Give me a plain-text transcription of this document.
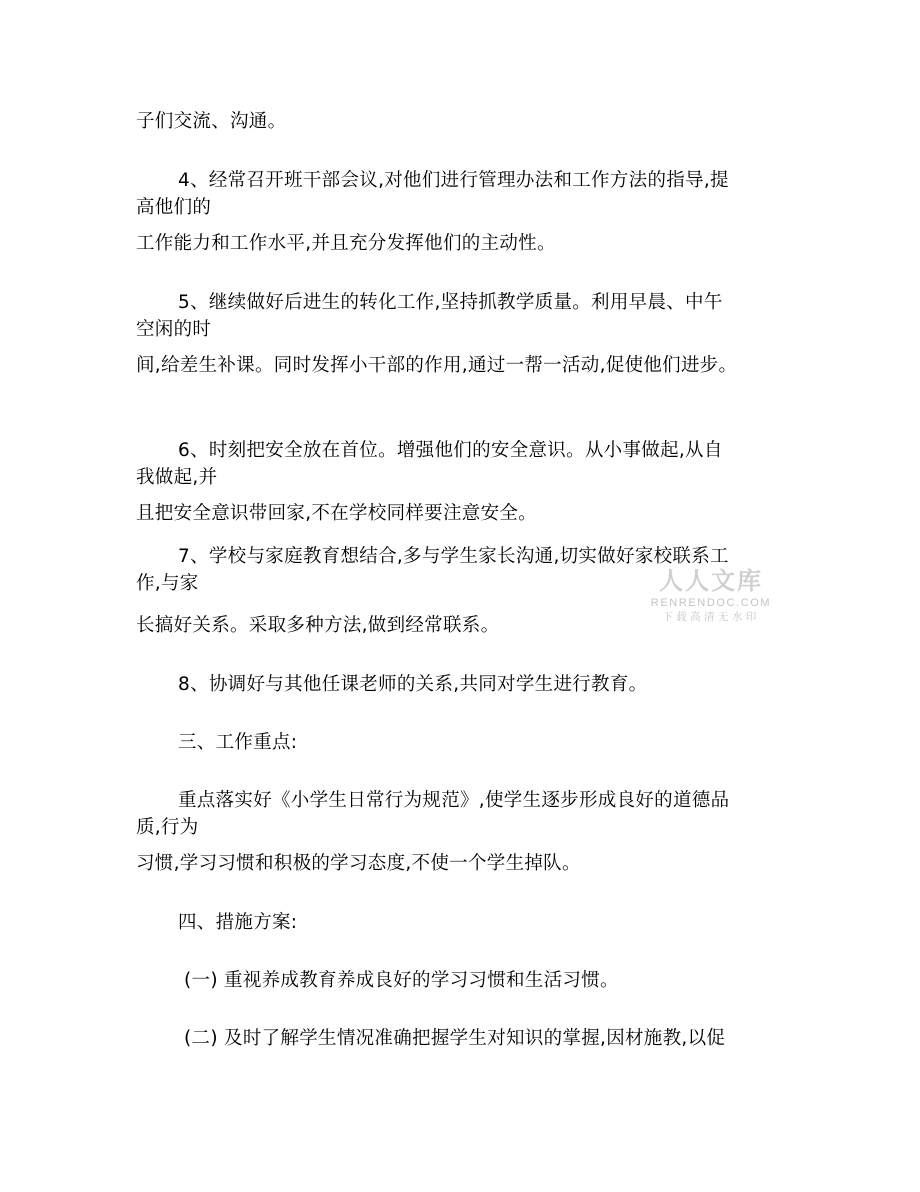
子们交流、沟通。
4、经常召开班干部会议,对他们进行管理办法和工作方法的指导,提
高他们的
工作能力和工作水平,并且充分发挥他们的主动性。
5、继续做好后进生的转化工作,坚持抓教学质量。利用早晨、中午
空闲的时
间,给差生补课。同时发挥小干部的作用,通过一帮一活动,促使他们进步。
6、时刻把安全放在首位。增强他们的安全意识。从小事做起,从自
我做起,并
且把安全意识带回家,不在学校同样要注意安全。
7、学校与家庭教育想结合,多与学生家长沟通,切实做好家校联系工
作,与家
长搞好关系。采取多种方法,做到经常联系。
8、协调好与其他任课老师的关系,共同对学生进行教育。
三、工作重点:
重点落实好《小学生日常行为规范》,使学生逐步形成良好的道德品
质,行为
习惯,学习习惯和积极的学习态度,不使一个学生掉队。
四、措施方案:
(一) 重视养成教育养成良好的学习习惯和生活习惯。
(二) 及时了解学生情况准确把握学生对知识的掌握,因材施教,以促
人人文库
RENRENDOC.COM
下载高清无水印
